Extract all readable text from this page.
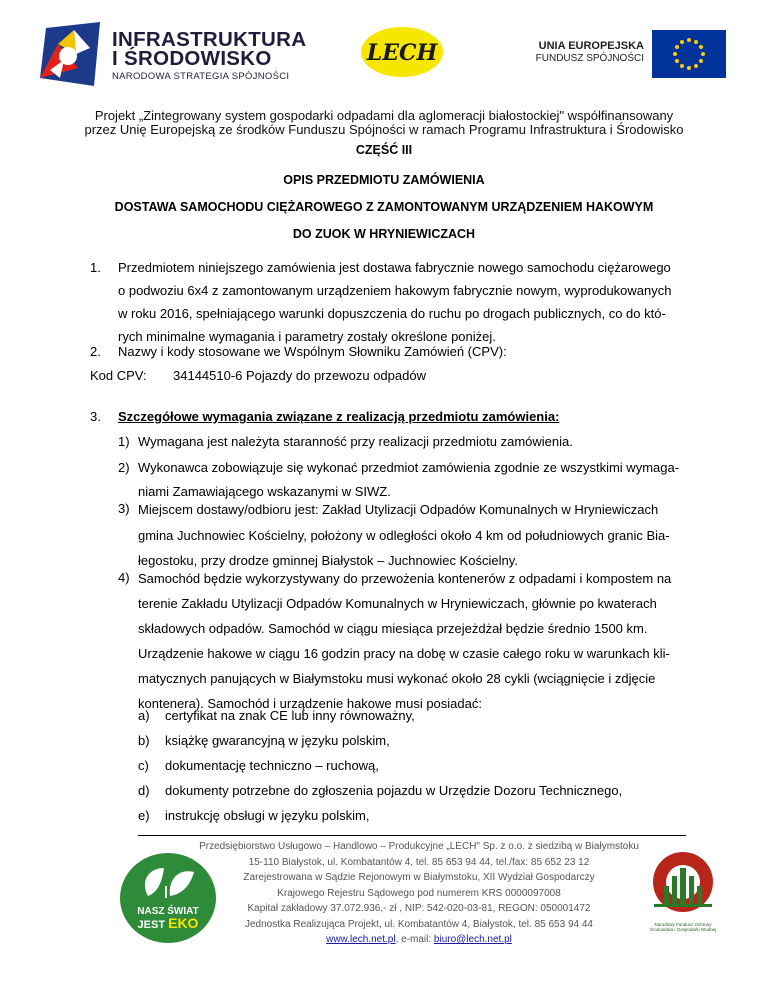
INFRASTRUKTURA
I ŚRODOWISKO
NARODOWA STRATEGIA SPÓJNOŚCI
LECH	UNIA EUROPEJSKA
FUNDUSZ SPÓJNOŚCI
Projekt „Zintegrowany system gospodarki odpadami dla aglomeracji białostockiej" współfinansowany
przez Unię Europejską ze środków Funduszu Spójności w ramach Programu Infrastruktura i Środowisko
CZĘŚĆ III
OPIS PRZEDMIOTU ZAMÓWIENIA
DOSTAWA SAMOCHODU CIĘŻAROWEGO Z ZAMONTOWANYM URZĄDZENIEM HAKOWYM
DO ZUOK W HRYNIEWICZACH
1. Przedmiotem niniejszego zamówienia jest dostawa fabrycznie nowego samochodu ciężarowego
o podwoziu 6x4 z zamontowanym urządzeniem hakowym fabrycznie nowym, wyprodukowanych
w roku 2016, spełniającego warunki dopuszczenia do ruchu po drogach publicznych, co do któ-
rych minimalne wymagania i parametry zostały określone poniżej.
2. Nazwy i kody stosowane we Wspólnym Słowniku Zamówień (CPV):
Kod CPV: 34144510-6 Pojazdy do przewozu odpadów
3. Szczegółowe wymagania związane z realizacją przedmiotu zamówienia:
1) Wymagana jest należyta staranność przy realizacji przedmiotu zamówienia.
2) Wykonawca zobowiązuje się wykonać przedmiot zamówienia zgodnie ze wszystkimi wymaga-
niami Zamawiającego wskazanymi w SIWZ.
3) Miejscem dostawy/odbioru jest: Zakład Utylizacji Odpadów Komunalnych w Hryniewiczach
gmina Juchnowiec Kościelny, położony w odległości około 4 km od południowych granic Bia-
łegostoku, przy drodze gminnej Białystok – Juchnowiec Kościelny.
4) Samochód będzie wykorzystywany do przewożenia kontenerów z odpadami i kompostem na
terenie Zakładu Utylizacji Odpadów Komunalnych w Hryniewiczach, głównie po kwaterach
składowych odpadów. Samochód w ciągu miesiąca przejeżdżał będzie średnio 1500 km.
Urządzenie hakowe w ciągu 16 godzin pracy na dobę w czasie całego roku w warunkach kli-
matycznych panujących w Białymstoku musi wykonać około 28 cykli (wciągnięcie i zdjęcie
kontenera). Samochód i urządzenie hakowe musi posiadać:
a) certyfikat na znak CE lub inny równoważny,
b) książkę gwarancyjną w języku polskim,
c) dokumentację techniczno – ruchową,
d) dokumenty potrzebne do zgłoszenia pojazdu w Urzędzie Dozoru Technicznego,
e) instrukcję obsługi w języku polskim,
Przedsiębiorstwo Usługowo – Handlowo – Produkcyjne „LECH" Sp. z o.o. z siedzibą w Białymstoku
15-110 Białystok, ul. Kombatantów 4, tel. 85 653 94 44, tel./fax: 85 652 23 12
Zarejestrowana w Sądzie Rejonowym w Białymstoku, XII Wydział Gospodarczy
Krajowego Rejestru Sądowego pod numerem KRS 0000097008
Kapitał zakładowy 37.072.936,- zł , NIP: 542-020-03-81, REGON: 050001472
Jednostka Realizująca Projekt, ul. Kombatantów 4, Białystok, tel. 85 653 94 44
www.lech.net.pl, e-mail: biuro@lech.net.pl
NASZ ŚWIAT
JEST EKO	Narodowy Fundusz Ochrony Środowiska i Gospodarki Wodnej
